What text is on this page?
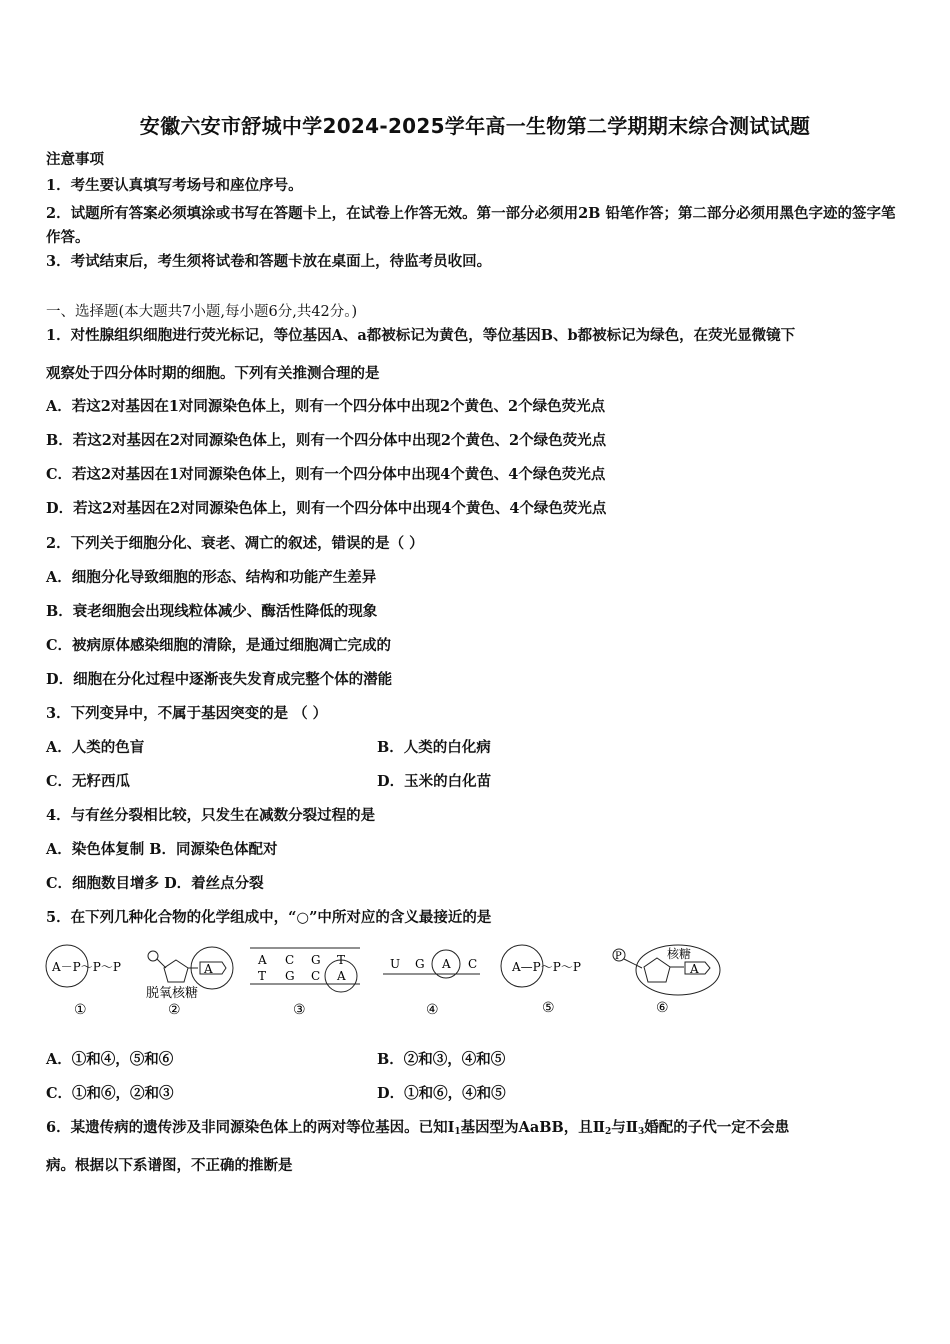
安徽六安市舒城中学2024-2025学年高一生物第二学期期末综合测试试题
注意事项
1．考生要认真填写考场号和座位序号。
2．试题所有答案必须填涂或书写在答题卡上，在试卷上作答无效。第一部分必须用2B 铅笔作答；第二部分必须用黑色字迹的签字笔作答。
3．考试结束后，考生须将试卷和答题卡放在桌面上，待监考员收回。
一、选择题(本大题共7小题,每小题6分,共42分。)
1．对性腺组织细胞进行荧光标记，等位基因A、a都被标记为黄色，等位基因B、b都被标记为绿色，在荧光显微镜下
观察处于四分体时期的细胞。下列有关推测合理的是
A．若这2对基因在1对同源染色体上，则有一个四分体中出现2个黄色、2个绿色荧光点
B．若这2对基因在2对同源染色体上，则有一个四分体中出现2个黄色、2个绿色荧光点
C．若这2对基因在1对同源染色体上，则有一个四分体中出现4个黄色、4个绿色荧光点
D．若这2对基因在2对同源染色体上，则有一个四分体中出现4个黄色、4个绿色荧光点
2．下列关于细胞分化、衰老、凋亡的叙述，错误的是（ ）
A．细胞分化导致细胞的形态、结构和功能产生差异
B．衰老细胞会出现线粒体减少、酶活性降低的现象
C．被病原体感染细胞的清除，是通过细胞凋亡完成的
D．细胞在分化过程中逐渐丧失发育成完整个体的潜能
3．下列变异中，不属于基因突变的是 （ ）
A．人类的色盲	B．人类的白化病
C．无籽西瓜	D．玉米的白化苗
4．与有丝分裂相比较，只发生在减数分裂过程的是
A．染色体复制 B．同源染色体配对
C．细胞数目增多 D．着丝点分裂
5．在下列几种化合物的化学组成中，“○”中所对应的含义最接近的是
A－P～P～P
①
A
脱氧核糖
②
A C G T
T G C A
③
U G A C
④
A—P～P～P
⑤
P
A
核糖
⑥
A．①和④，⑤和⑥	B．②和③，④和⑤
C．①和⑥，②和③	D．①和⑥，④和⑤
6．某遗传病的遗传涉及非同源染色体上的两对等位基因。已知$I_1$基因型为AaBB，且$Ⅱ_2$与$Ⅱ_3$婚配的子代一定不会患
病。根据以下系谱图，不正确的推断是
